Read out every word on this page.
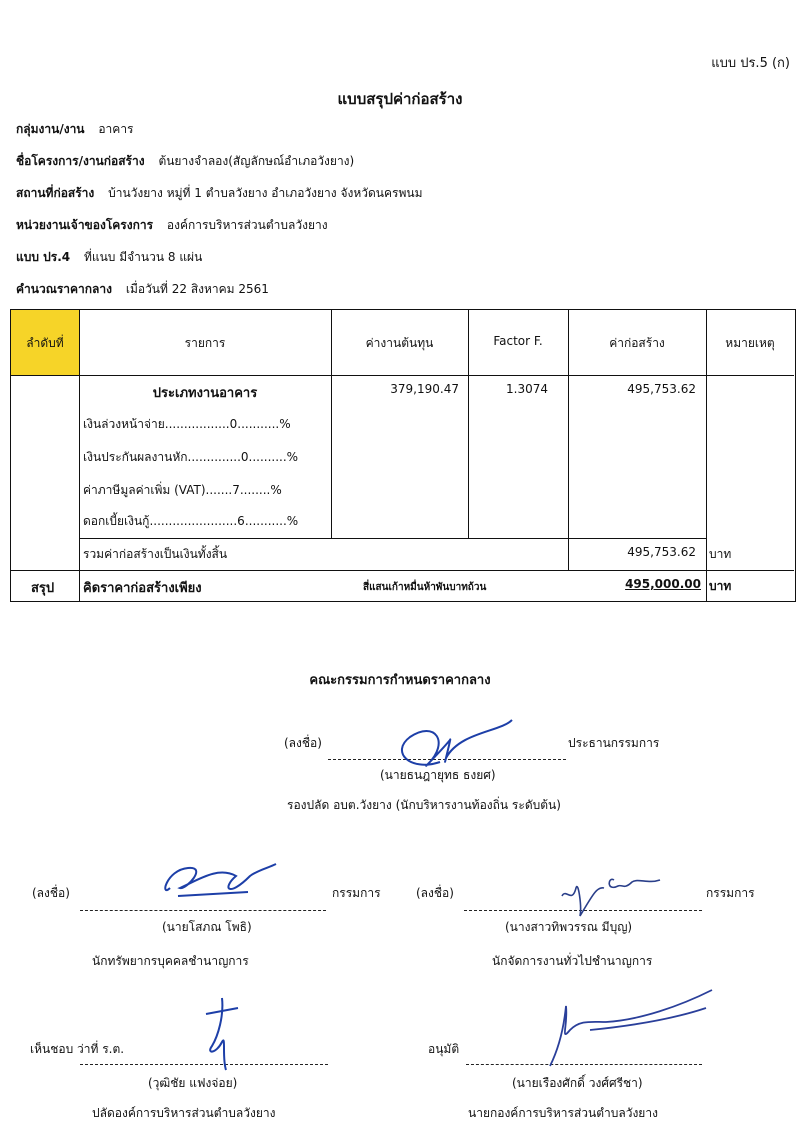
แบบ ปร.5 (ก)
แบบสรุปค่าก่อสร้าง
กลุ่มงาน/งาน อาคาร
ชื่อโครงการ/งานก่อสร้าง ต้นยางจำลอง(สัญลักษณ์อำเภอวังยาง)
สถานที่ก่อสร้าง บ้านวังยาง หมู่ที่ 1 ตำบลวังยาง อำเภอวังยาง จังหวัดนครพนม
หน่วยงานเจ้าของโครงการ องค์การบริหารส่วนตำบลวังยาง
แบบ ปร.4 ที่แนบ มีจำนวน 8 แผ่น
คำนวณราคากลาง เมื่อวันที่ 22 สิงหาคม 2561
ลำดับที่	รายการ	ค่างานต้นทุน	Factor F.	ค่าก่อสร้าง	หมายเหตุ
ประเภทงานอาคาร	379,190.47	1.3074	495,753.62
เงินล่วงหน้าจ่าย.................0...........%
เงินประกันผลงานหัก..............0..........%
ค่าภาษีมูลค่าเพิ่ม (VAT).......7........%
ดอกเบี้ยเงินกู้.......................6...........%
รวมค่าก่อสร้างเป็นเงินทั้งสิ้น	495,753.62 บาท
สรุป คิดราคาก่อสร้างเพียง	สี่แสนเก้าหมื่นห้าพันบาทถ้วน	495,000.00 บาท
คณะกรรมการกำหนดราคากลาง
(ลงชื่อ)	ประธานกรรมการ
(นายธนฎายุทธ ธงยศ)
รองปลัด อบต.วังยาง (นักบริหารงานท้องถิ่น ระดับต้น)
(ลงชื่อ)	กรรมการ
(นายโสภณ โพธิ)
นักทรัพยากรบุคคลชำนาญการ
(ลงชื่อ)	กรรมการ
(นางสาวทิพวรรณ มีบุญ)
นักจัดการงานทั่วไปชำนาญการ
เห็นชอบ ว่าที่ ร.ต.
(วุฒิชัย แฟงจ่อย)
ปลัดองค์การบริหารส่วนตำบลวังยาง
อนุมัติ
(นายเรืองศักดิ์ วงศ์ศรีชา)
นายกองค์การบริหารส่วนตำบลวังยาง
